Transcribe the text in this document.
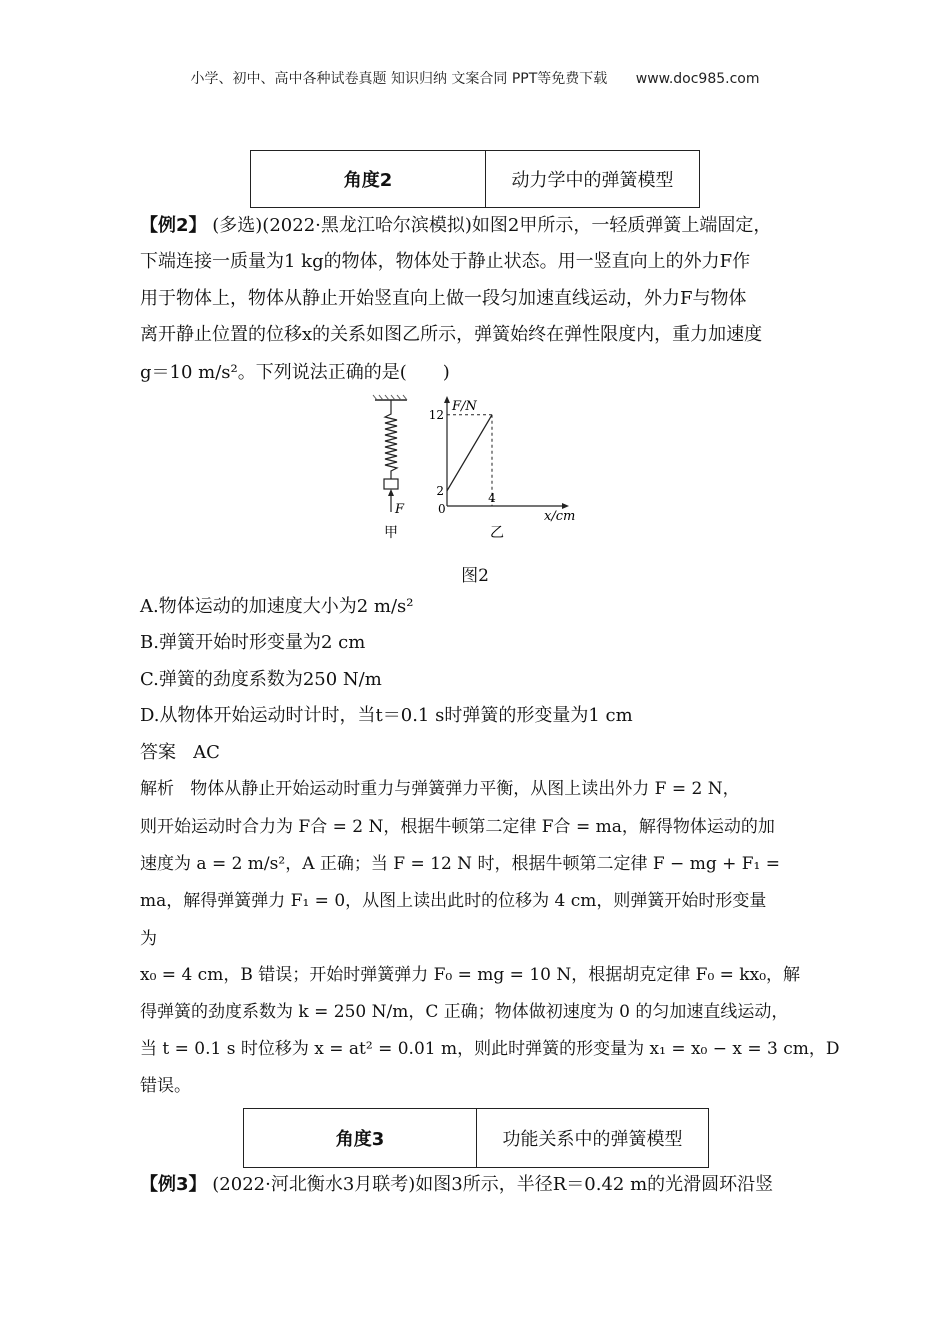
小学、初中、高中各种试卷真题 知识归纳 文案合同 PPT等免费下载 www.doc985.com
角度2	动力学中的弹簧模型
【例2】 (多选)(2022·黑龙江哈尔滨模拟)如图2甲所示，一轻质弹簧上端固定，
下端连接一质量为1 kg的物体，物体处于静止状态。用一竖直向上的外力F作
用于物体上，物体从静止开始竖直向上做一段匀加速直线运动，外力F与物体
离开静止位置的位移x的关系如图乙所示，弹簧始终在弹性限度内，重力加速度
g＝10 m/s²。下列说法正确的是(　　)
F
甲
F/N
x/cm
0
2
12
4
乙
图2
A.物体运动的加速度大小为2 m/s²
B.弹簧开始时形变量为2 cm
C.弹簧的劲度系数为250 N/m
D.从物体开始运动时计时，当t＝0.1 s时弹簧的形变量为1 cm
答案 AC
解析 物体从静止开始运动时重力与弹簧弹力平衡，从图上读出外力 F = 2 N，
则开始运动时合力为 F合 = 2 N，根据牛顿第二定律 F合 = ma，解得物体运动的加
速度为 a = 2 m/s²，A 正确；当 F = 12 N 时，根据牛顿第二定律 F − mg + F₁ =
ma，解得弹簧弹力 F₁ = 0，从图上读出此时的位移为 4 cm，则弹簧开始时形变量
为
x₀ = 4 cm，B 错误；开始时弹簧弹力 F₀ = mg = 10 N，根据胡克定律 F₀ = kx₀，解
得弹簧的劲度系数为 k = 250 N/m，C 正确；物体做初速度为 0 的匀加速直线运动，
当 t = 0.1 s 时位移为 x = at² = 0.01 m，则此时弹簧的形变量为 x₁ = x₀ − x = 3 cm，D
错误。
角度3	功能关系中的弹簧模型
【例3】 (2022·河北衡水3月联考)如图3所示，半径R＝0.42 m的光滑圆环沿竖
